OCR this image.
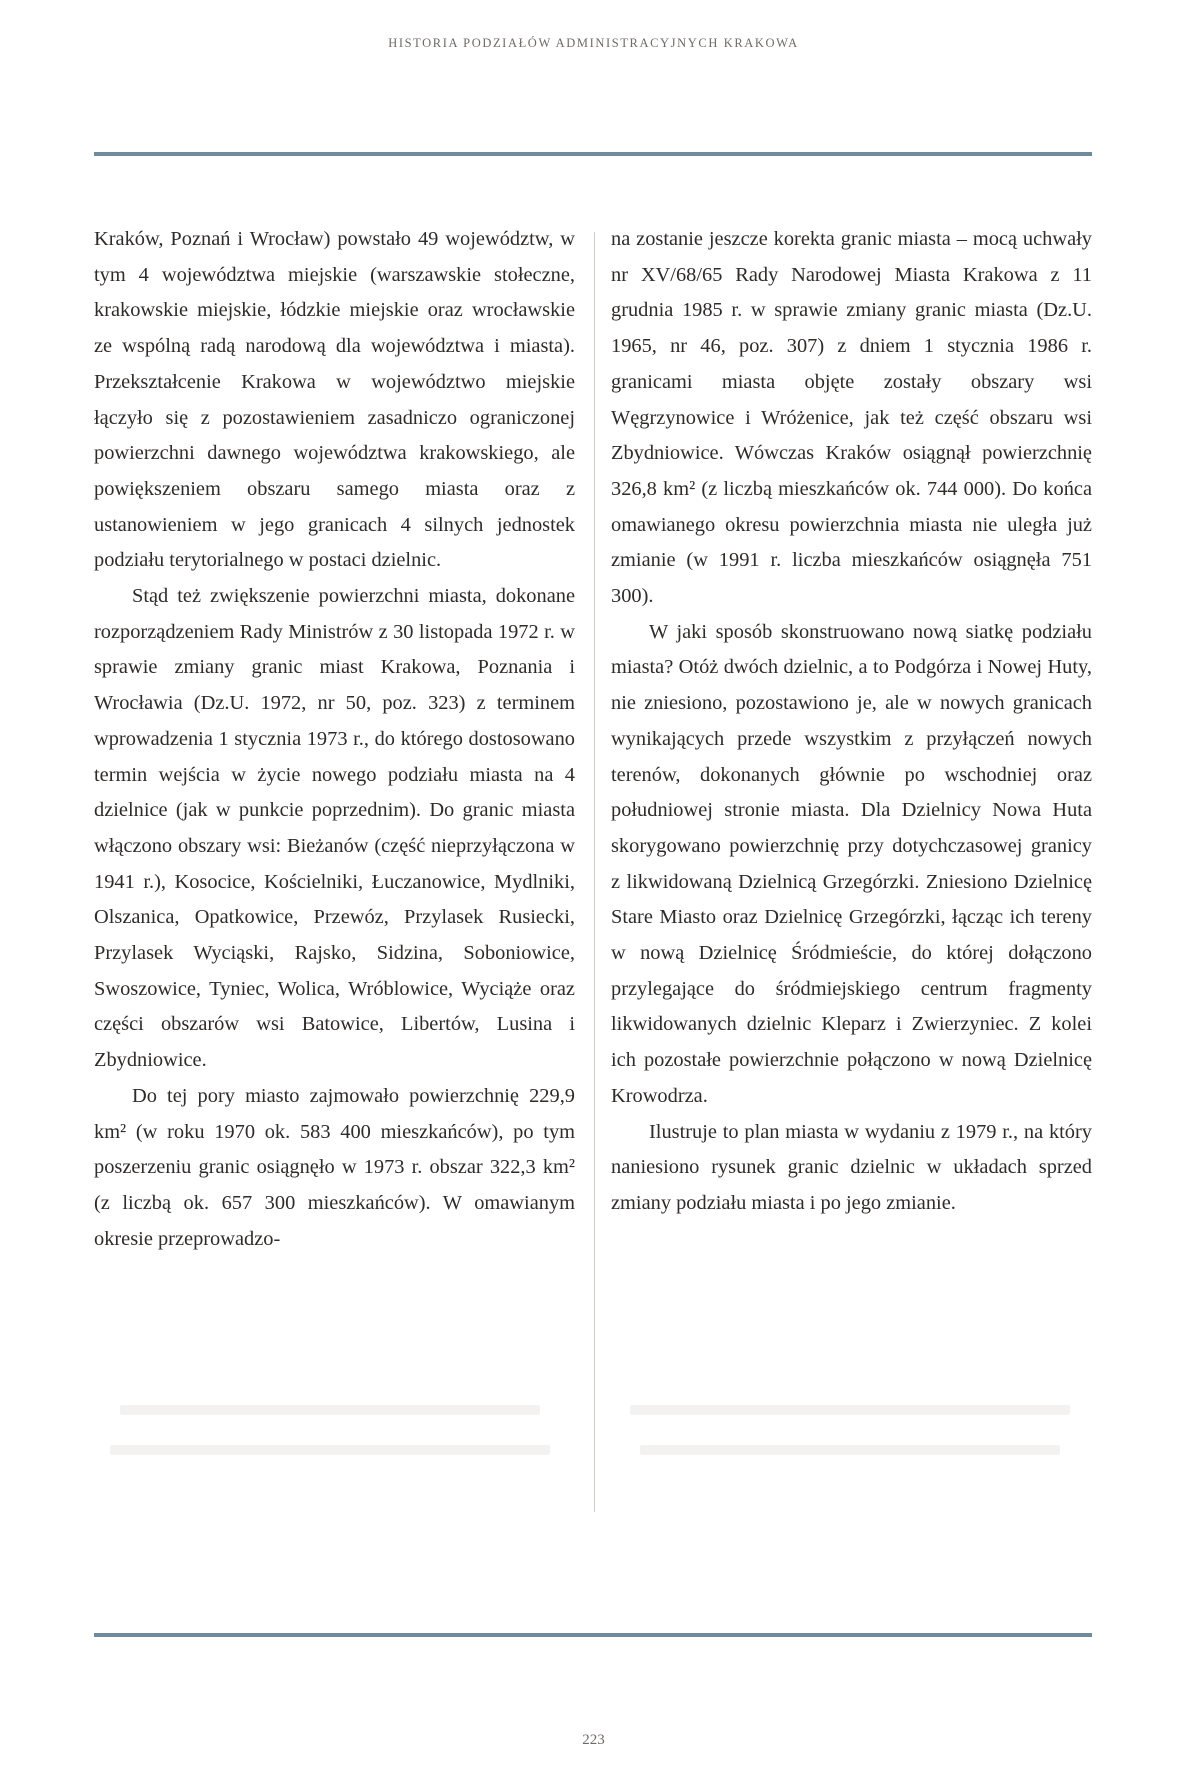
HISTORIA PODZIAŁÓW ADMINISTRACYJNYCH KRAKOWA

Kraków, Poznań i Wrocław) powstało 49 województw, w tym 4 województwa miejskie (warszawskie stołeczne, krakowskie miejskie, łódzkie miejskie oraz wrocławskie ze wspólną radą narodową dla województwa i miasta). Przekształcenie Krakowa w województwo miejskie łączyło się z pozostawieniem zasadniczo ograniczonej powierzchni dawnego województwa krakowskiego, ale powiększeniem obszaru samego miasta oraz z ustanowieniem w jego granicach 4 silnych jednostek podziału terytorialnego w postaci dzielnic.

Stąd też zwiększenie powierzchni miasta, dokonane rozporządzeniem Rady Ministrów z 30 listopada 1972 r. w sprawie zmiany granic miast Krakowa, Poznania i Wrocławia (Dz.U. 1972, nr 50, poz. 323) z terminem wprowadzenia 1 stycznia 1973 r., do którego dostosowano termin wejścia w życie nowego podziału miasta na 4 dzielnice (jak w punkcie poprzednim). Do granic miasta włączono obszary wsi: Bieżanów (część nieprzyłączona w 1941 r.), Kosocice, Kościelniki, Łuczanowice, Mydlniki, Olszanica, Opatkowice, Przewóz, Przylasek Rusiecki, Przylasek Wyciąski, Rajsko, Sidzina, Soboniowice, Swoszowice, Tyniec, Wolica, Wróblowice, Wyciąże oraz części obszarów wsi Batowice, Libertów, Lusina i Zbydniowice.

Do tej pory miasto zajmowało powierzchnię 229,9 km² (w roku 1970 ok. 583 400 mieszkańców), po tym poszerzeniu granic osiągnęło w 1973 r. obszar 322,3 km² (z liczbą ok. 657 300 mieszkańców). W omawianym okresie przeprowadzo-

na zostanie jeszcze korekta granic miasta – mocą uchwały nr XV/68/65 Rady Narodowej Miasta Krakowa z 11 grudnia 1985 r. w sprawie zmiany granic miasta (Dz.U. 1965, nr 46, poz. 307) z dniem 1 stycznia 1986 r. granicami miasta objęte zostały obszary wsi Węgrzynowice i Wróżenice, jak też część obszaru wsi Zbydniowice. Wówczas Kraków osiągnął powierzchnię 326,8 km² (z liczbą mieszkańców ok. 744 000). Do końca omawianego okresu powierzchnia miasta nie uległa już zmianie (w 1991 r. liczba mieszkańców osiągnęła 751 300).

W jaki sposób skonstruowano nową siatkę podziału miasta? Otóż dwóch dzielnic, a to Podgórza i Nowej Huty, nie zniesiono, pozostawiono je, ale w nowych granicach wynikających przede wszystkim z przyłączeń nowych terenów, dokonanych głównie po wschodniej oraz południowej stronie miasta. Dla Dzielnicy Nowa Huta skorygowano powierzchnię przy dotychczasowej granicy z likwidowaną Dzielnicą Grzegórzki. Zniesiono Dzielnicę Stare Miasto oraz Dzielnicę Grzegórzki, łącząc ich tereny w nową Dzielnicę Śródmieście, do której dołączono przylegające do śródmiejskiego centrum fragmenty likwidowanych dzielnic Kleparz i Zwierzyniec. Z kolei ich pozostałe powierzchnie połączono w nową Dzielnicę Krowodrza.

Ilustruje to plan miasta w wydaniu z 1979 r., na który naniesiono rysunek granic dzielnic w układach sprzed zmiany podziału miasta i po jego zmianie.

223
